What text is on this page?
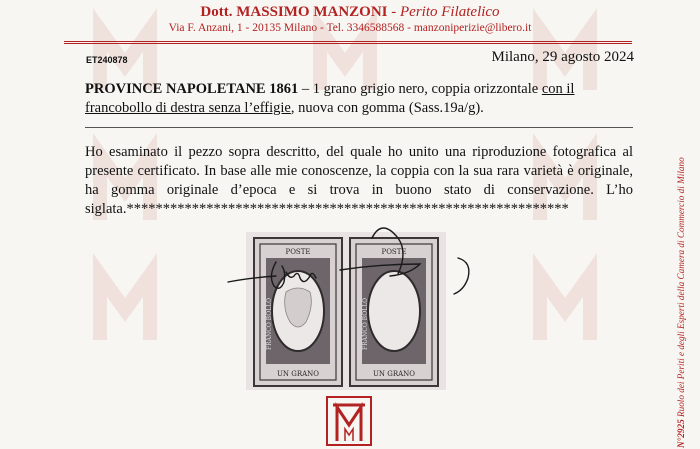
Dott. MASSIMO MANZONI - Perito Filatelico
Via F. Anzani, 1 - 20135 Milano - Tel. 3346588568 - manzoniperizie@libero.it
ET240878	Milano, 29 agosto 2024
PROVINCE NAPOLETANE 1861 – 1 grano grigio nero, coppia orizzontale con il francobollo di destra senza l’effigie, nuova con gomma (Sass.19a/g).
Ho esaminato il pezzo sopra descritto, del quale ho unito una riproduzione fotografica al presente certificato. In base alle mie conoscenze, la coppia con la sua rara varietà è originale, ha gomma originale d’epoca e si trova in buono stato di conservazione. L’ho siglata.*************************************************************
POSTE
UN GRANO
FRANCO BOLLO
POSTE
UN GRANO
FRANCO BOLLO
N°2925 Ruolo dei Periti e degli Esperti della Camera di Commercio di Milano
